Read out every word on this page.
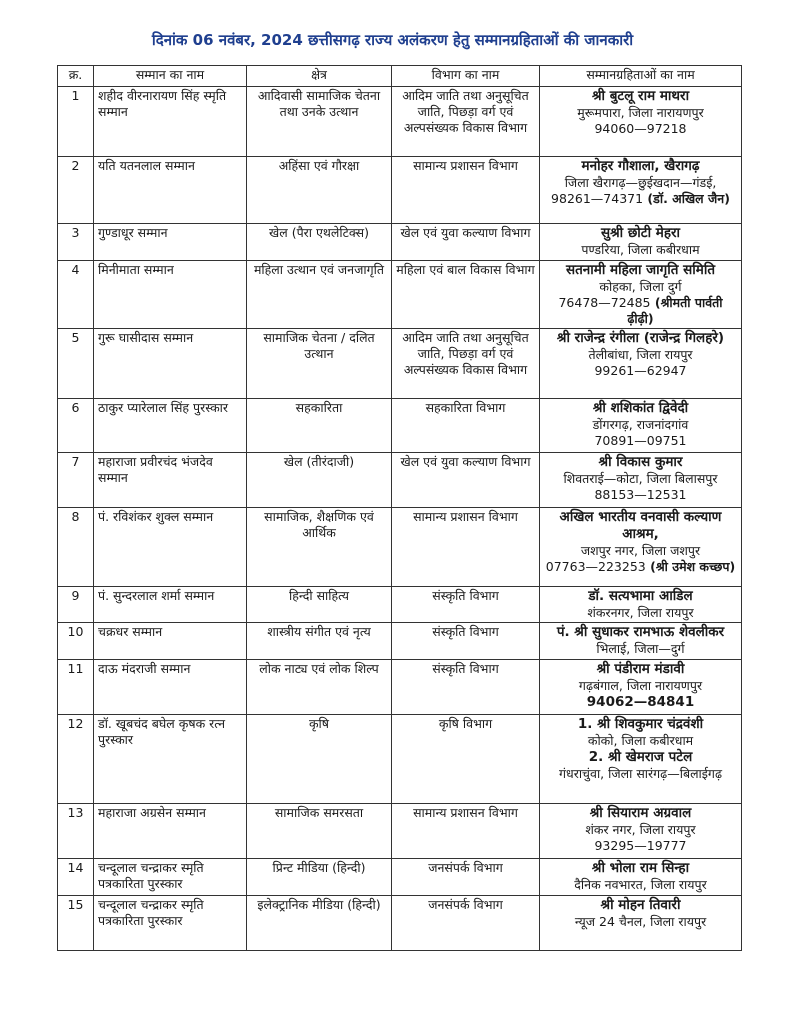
दिनांक 06 नवंबर, 2024 छत्तीसगढ़ राज्य अलंकरण हेतु सम्मानग्रहिताओं की जानकारी
क्र.	सम्मान का नाम	क्षेत्र	विभाग का नाम	सम्मानग्रहिताओं का नाम
1	शहीद वीरनारायण सिंह स्मृति सम्मान	आदिवासी सामाजिक चेतना तथा उनके उत्थान	आदिम जाति तथा अनुसूचित जाति, पिछड़ा वर्ग एवं अल्पसंख्यक विकास विभाग	श्री बुटलू राम माथरा
मुरूमपारा, जिला नारायणपुर
94060—97218

2	यति यतनलाल सम्मान	अहिंसा एवं गौरक्षा	सामान्य प्रशासन विभाग	मनोहर गौशाला, खैरागढ़
जिला खैरागढ़—छुईखदान—गंडई,
98261—74371 (डॉ. अखिल जैन)

3	गुण्डाधूर सम्मान	खेल (पैरा एथलेटिक्स)	खेल एवं युवा कल्याण विभाग	सुश्री छोटी मेहरा
पण्डरिया, जिला कबीरधाम

4	मिनीमाता सम्मान	महिला उत्थान एवं जनजागृति	महिला एवं बाल विकास विभाग	सतनामी महिला जागृति समिति
कोहका, जिला दुर्ग
76478—72485 (श्रीमती पार्वती ढ़ीढ़ी)

5	गुरू घासीदास सम्मान	सामाजिक चेतना / दलित उत्थान	आदिम जाति तथा अनुसूचित जाति, पिछड़ा वर्ग एवं अल्पसंख्यक विकास विभाग	श्री राजेन्द्र रंगीला (राजेन्द्र गिलहरे)
तेलीबांधा, जिला रायपुर
99261—62947

6	ठाकुर प्यारेलाल सिंह पुरस्कार	सहकारिता	सहकारिता विभाग	श्री शशिकांत द्विवेदी
डोंगरगढ़, राजनांदगांव
70891—09751

7	महाराजा प्रवीरचंद भंजदेव सम्मान	खेल (तीरंदाजी)	खेल एवं युवा कल्याण विभाग	श्री विकास कुमार
शिवतराई—कोटा, जिला बिलासपुर
88153—12531

8	पं. रविशंकर शुक्ल सम्मान	सामाजिक, शैक्षणिक एवं आर्थिक	सामान्य प्रशासन विभाग	अखिल भारतीय वनवासी कल्याण आश्रम,
जशपुर नगर, जिला जशपुर
07763—223253 (श्री उमेश कच्छप)

9	पं. सुन्दरलाल शर्मा सम्मान	हिन्दी साहित्य	संस्कृति विभाग	डॉ. सत्यभामा आडिल
शंकरनगर, जिला रायपुर

10	चक्रधर सम्मान	शास्त्रीय संगीत एवं नृत्य	संस्कृति विभाग	पं. श्री सुधाकर रामभाऊ शेवलीकर
भिलाई, जिला—दुर्ग

11	दाऊ मंदराजी सम्मान	लोक नाट्य एवं लोक शिल्प	संस्कृति विभाग	श्री पंडीराम मंडावी
गढ़बंगाल, जिला नारायणपुर
94062—84841

12	डॉ. खूबचंद बघेल कृषक रत्न पुरस्कार	कृषि	कृषि विभाग	1. श्री शिवकुमार चंद्रवंशी
कोको, जिला कबीरधाम
2. श्री खेमराज पटेल
गंधराचुंवा, जिला सारंगढ़—बिलाईगढ़

13	महाराजा अग्रसेन सम्मान	सामाजिक समरसता	सामान्य प्रशासन विभाग	श्री सियाराम अग्रवाल
शंकर नगर, जिला रायपुर
93295—19777

14	चन्दूलाल चन्द्राकर स्मृति पत्रकारिता पुरस्कार	प्रिन्ट मीडिया (हिन्दी)	जनसंपर्क विभाग	श्री भोला राम सिन्हा
दैनिक नवभारत, जिला रायपुर

15	चन्दूलाल चन्द्राकर स्मृति पत्रकारिता पुरस्कार	इलेक्ट्रानिक मीडिया (हिन्दी)	जनसंपर्क विभाग	श्री मोहन तिवारी
न्यूज 24 चैनल, जिला रायपुर
